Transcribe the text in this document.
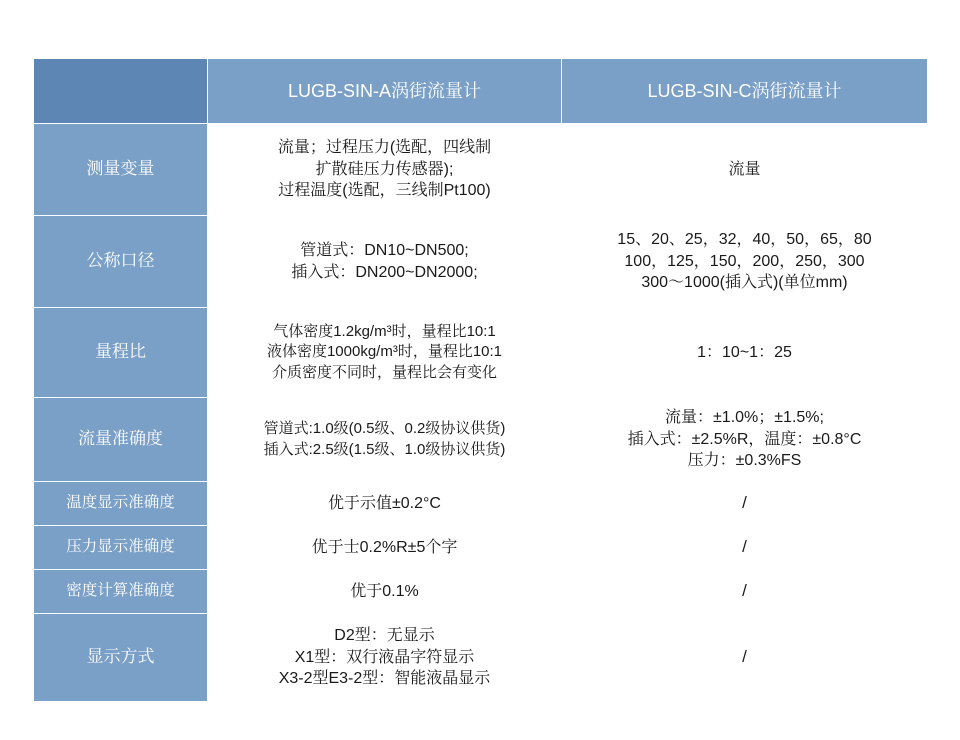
	LUGB-SIN-A涡街流量计	LUGB-SIN-C涡街流量计
测量变量	流量；过程压力(选配，四线制
扩散硅压力传感器);
过程温度(选配，三线制Pt100)	流量

公称口径	管道式：DN10~DN500;
插入式：DN200~DN2000;	15、20、25，32，40，50，65，80
100，125，150，200，250，300
300～1000(插入式)(单位mm)

量程比	气体密度1.2kg/m³时，量程比10:1
液体密度1000kg/m³时，量程比10:1
介质密度不同时，量程比会有变化	1：10~1：25

流量准确度	管道式:1.0级(0.5级、0.2级协议供货)
插入式:2.5级(1.5级、1.0级协议供货)	流量：±1.0%；±1.5%;
插入式：±2.5%R，温度：±0.8°C
压力：±0.3%FS

温度显示准确度	优于示值±0.2°C	/
压力显示准确度	优于士0.2%R±5个字	/
密度计算准确度	优于0.1%	/
显示方式	D2型：无显示
X1型：双行液晶字符显示
X3-2型E3-2型：智能液晶显示	/
